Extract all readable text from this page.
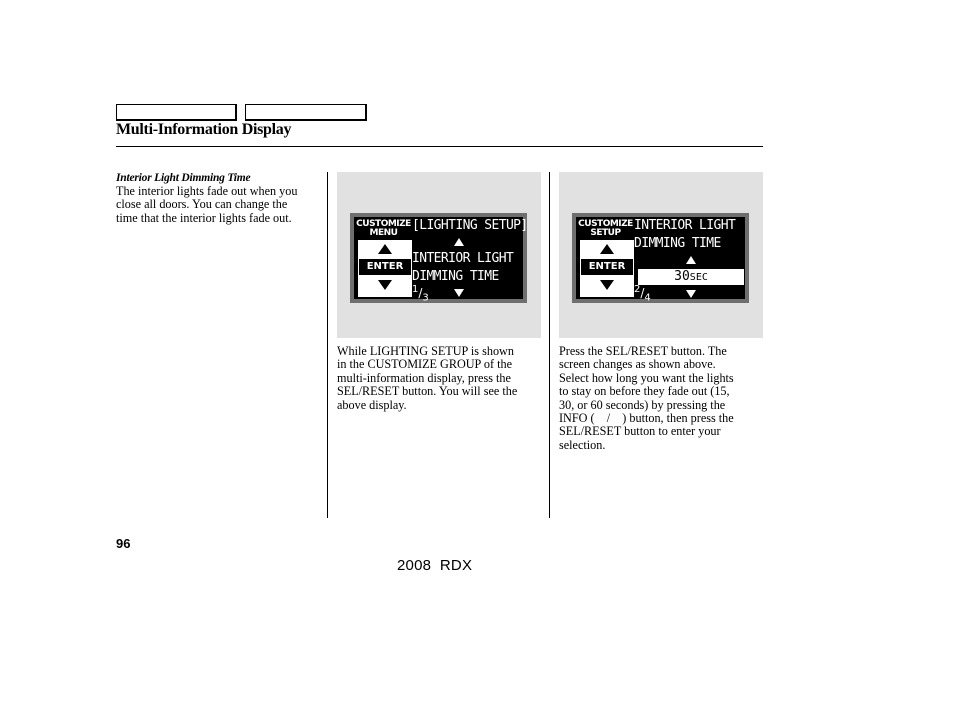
Multi-Information Display
Interior Light Dimming Time
The interior lights fade out when you
close all doors. You can change the
time that the interior lights fade out.	CUSTOMIZE
MENU
ENTER
[LIGHTING SETUP]
INTERIOR LIGHT
DIMMING TIME
$^1/_3$
While LIGHTING SETUP is shown
in the CUSTOMIZE GROUP of the
multi-information display, press the
SEL/RESET button. You will see the
above display.
CUSTOMIZE
SETUP
ENTER
INTERIOR LIGHT
DIMMING TIME
30SEC
$^2/_4$
Press the SEL/RESET button. The
screen changes as shown above.
Select how long you want the lights
to stay on before they fade out (15,
30, or 60 seconds) by pressing the
INFO (    /    ) button, then press the
SEL/RESET button to enter your
selection.
96
2008  RDX
